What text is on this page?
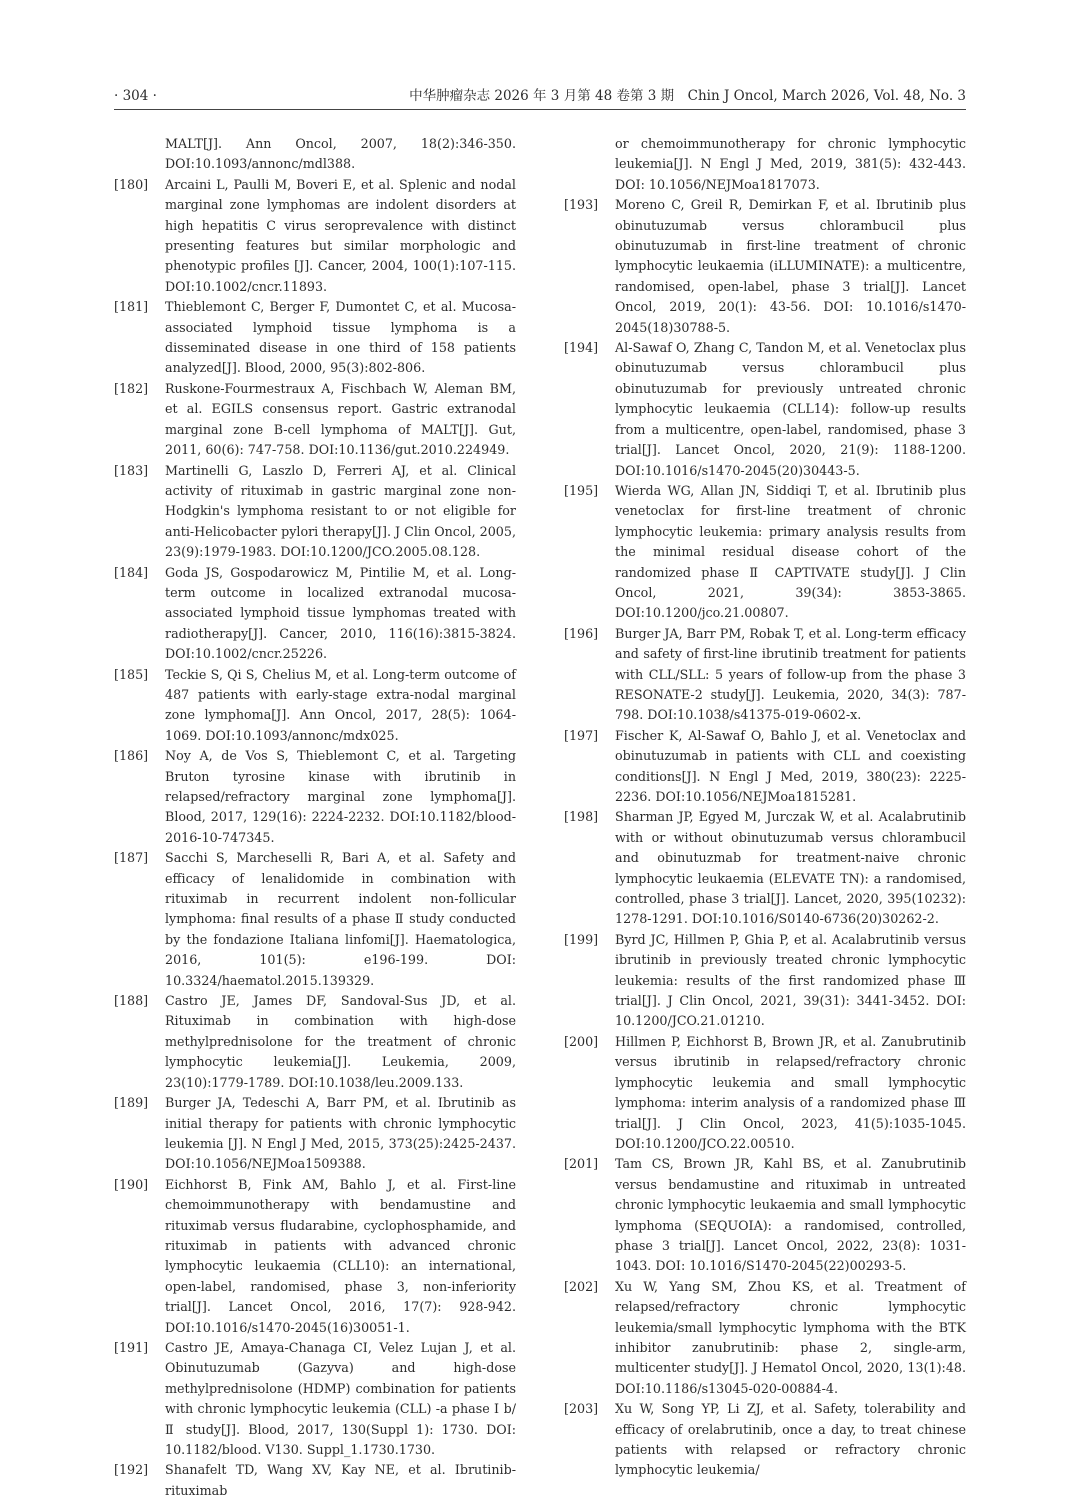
· 304 ·	中华肿瘤杂志 2026 年 3 月第 48 卷第 3 期　Chin J Oncol, March 2026, Vol. 48, No. 3

MALT[J]. Ann Oncol, 2007, 18(2):346-350. DOI:10.1093/annonc/mdl388.

[180] Arcaini L, Paulli M, Boveri E, et al. Splenic and nodal marginal zone lymphomas are indolent disorders at high hepatitis C virus seroprevalence with distinct presenting features but similar morphologic and phenotypic profiles [J]. Cancer, 2004, 100(1):107-115. DOI:10.1002/cncr.11893.

[181] Thieblemont C, Berger F, Dumontet C, et al. Mucosa-associated lymphoid tissue lymphoma is a disseminated disease in one third of 158 patients analyzed[J]. Blood, 2000, 95(3):802-806.

[182] Ruskone-Fourmestraux A, Fischbach W, Aleman BM, et al. EGILS consensus report. Gastric extranodal marginal zone B-cell lymphoma of MALT[J]. Gut, 2011, 60(6): 747-758. DOI:10.1136/gut.2010.224949.

[183] Martinelli G, Laszlo D, Ferreri AJ, et al. Clinical activity of rituximab in gastric marginal zone non-Hodgkin's lymphoma resistant to or not eligible for anti-Helicobacter pylori therapy[J]. J Clin Oncol, 2005, 23(9):1979-1983. DOI:10.1200/JCO.2005.08.128.

[184] Goda JS, Gospodarowicz M, Pintilie M, et al. Long-term outcome in localized extranodal mucosa-associated lymphoid tissue lymphomas treated with radiotherapy[J]. Cancer, 2010, 116(16):3815-3824. DOI:10.1002/cncr.25226.

[185] Teckie S, Qi S, Chelius M, et al. Long-term outcome of 487 patients with early-stage extra-nodal marginal zone lymphoma[J]. Ann Oncol, 2017, 28(5): 1064-1069. DOI:10.1093/annonc/mdx025.

[186] Noy A, de Vos S, Thieblemont C, et al. Targeting Bruton tyrosine kinase with ibrutinib in relapsed/refractory marginal zone lymphoma[J]. Blood, 2017, 129(16): 2224-2232. DOI:10.1182/blood-2016-10-747345.

[187] Sacchi S, Marcheselli R, Bari A, et al. Safety and efficacy of lenalidomide in combination with rituximab in recurrent indolent non-follicular lymphoma: final results of a phase Ⅱ study conducted by the fondazione Italiana linfomi[J]. Haematologica, 2016, 101(5): e196-199. DOI: 10.3324/haematol.2015.139329.

[188] Castro JE, James DF, Sandoval-Sus JD, et al. Rituximab in combination with high-dose methylprednisolone for the treatment of chronic lymphocytic leukemia[J]. Leukemia, 2009, 23(10):1779-1789. DOI:10.1038/leu.2009.133.

[189] Burger JA, Tedeschi A, Barr PM, et al. Ibrutinib as initial therapy for patients with chronic lymphocytic leukemia [J]. N Engl J Med, 2015, 373(25):2425-2437. DOI:10.1056/NEJMoa1509388.

[190] Eichhorst B, Fink AM, Bahlo J, et al. First-line chemoimmunotherapy with bendamustine and rituximab versus fludarabine, cyclophosphamide, and rituximab in patients with advanced chronic lymphocytic leukaemia (CLL10): an international, open-label, randomised, phase 3, non-inferiority trial[J]. Lancet Oncol, 2016, 17(7): 928-942. DOI:10.1016/s1470-2045(16)30051-1.

[191] Castro JE, Amaya-Chanaga CI, Velez Lujan J, et al. Obinutuzumab (Gazyva) and high-dose methylprednisolone (HDMP) combination for patients with chronic lymphocytic leukemia (CLL) -a phase Ⅰ b/Ⅱ study[J]. Blood, 2017, 130(Suppl 1): 1730. DOI: 10.1182/blood. V130. Suppl_1.1730.1730.

[192] Shanafelt TD, Wang XV, Kay NE, et al. Ibrutinib-rituximab

or chemoimmunotherapy for chronic lymphocytic leukemia[J]. N Engl J Med, 2019, 381(5): 432-443. DOI: 10.1056/NEJMoa1817073.

[193] Moreno C, Greil R, Demirkan F, et al. Ibrutinib plus obinutuzumab versus chlorambucil plus obinutuzumab in first-line treatment of chronic lymphocytic leukaemia (iLLUMINATE): a multicentre, randomised, open-label, phase 3 trial[J]. Lancet Oncol, 2019, 20(1): 43-56. DOI: 10.1016/s1470-2045(18)30788-5.

[194] Al-Sawaf O, Zhang C, Tandon M, et al. Venetoclax plus obinutuzumab versus chlorambucil plus obinutuzumab for previously untreated chronic lymphocytic leukaemia (CLL14): follow-up results from a multicentre, open-label, randomised, phase 3 trial[J]. Lancet Oncol, 2020, 21(9): 1188-1200. DOI:10.1016/s1470-2045(20)30443-5.

[195] Wierda WG, Allan JN, Siddiqi T, et al. Ibrutinib plus venetoclax for first-line treatment of chronic lymphocytic leukemia: primary analysis results from the minimal residual disease cohort of the randomized phase Ⅱ CAPTIVATE study[J]. J Clin Oncol, 2021, 39(34): 3853-3865. DOI:10.1200/jco.21.00807.

[196] Burger JA, Barr PM, Robak T, et al. Long-term efficacy and safety of first-line ibrutinib treatment for patients with CLL/SLL: 5 years of follow-up from the phase 3 RESONATE-2 study[J]. Leukemia, 2020, 34(3): 787-798. DOI:10.1038/s41375-019-0602-x.

[197] Fischer K, Al-Sawaf O, Bahlo J, et al. Venetoclax and obinutuzumab in patients with CLL and coexisting conditions[J]. N Engl J Med, 2019, 380(23): 2225-2236. DOI:10.1056/NEJMoa1815281.

[198] Sharman JP, Egyed M, Jurczak W, et al. Acalabrutinib with or without obinutuzumab versus chlorambucil and obinutuzmab for treatment-naive chronic lymphocytic leukaemia (ELEVATE TN): a randomised, controlled, phase 3 trial[J]. Lancet, 2020, 395(10232): 1278-1291. DOI:10.1016/S0140-6736(20)30262-2.

[199] Byrd JC, Hillmen P, Ghia P, et al. Acalabrutinib versus ibrutinib in previously treated chronic lymphocytic leukemia: results of the first randomized phase Ⅲ trial[J]. J Clin Oncol, 2021, 39(31): 3441-3452. DOI: 10.1200/JCO.21.01210.

[200] Hillmen P, Eichhorst B, Brown JR, et al. Zanubrutinib versus ibrutinib in relapsed/refractory chronic lymphocytic leukemia and small lymphocytic lymphoma: interim analysis of a randomized phase Ⅲ trial[J]. J Clin Oncol, 2023, 41(5):1035-1045. DOI:10.1200/JCO.22.00510.

[201] Tam CS, Brown JR, Kahl BS, et al. Zanubrutinib versus bendamustine and rituximab in untreated chronic lymphocytic leukaemia and small lymphocytic lymphoma (SEQUOIA): a randomised, controlled, phase 3 trial[J]. Lancet Oncol, 2022, 23(8): 1031-1043. DOI: 10.1016/S1470-2045(22)00293-5.

[202] Xu W, Yang SM, Zhou KS, et al. Treatment of relapsed/refractory chronic lymphocytic leukemia/small lymphocytic lymphoma with the BTK inhibitor zanubrutinib: phase 2, single-arm, multicenter study[J]. J Hematol Oncol, 2020, 13(1):48. DOI:10.1186/s13045-020-00884-4.

[203] Xu W, Song YP, Li ZJ, et al. Safety, tolerability and efficacy of orelabrutinib, once a day, to treat chinese patients with relapsed or refractory chronic lymphocytic leukemia/
